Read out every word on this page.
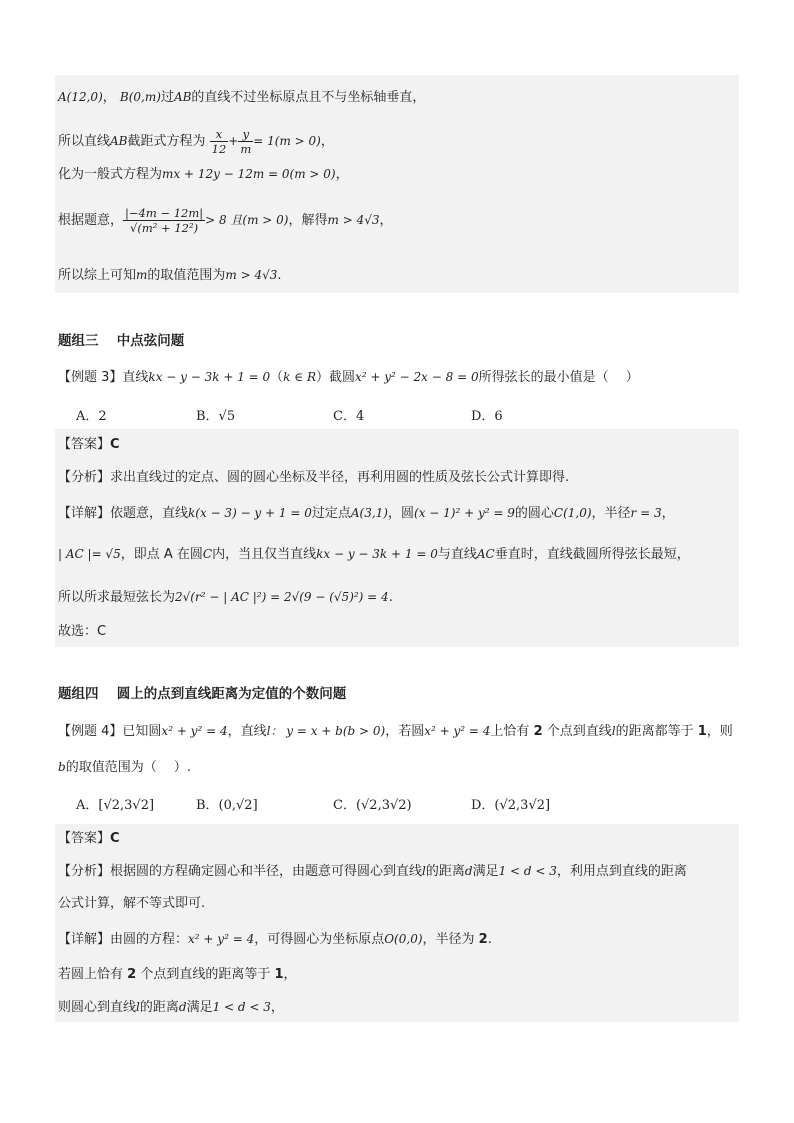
A(12,0)， B(0,m)过AB的直线不过坐标原点且不与坐标轴垂直，
所以直线AB截距式方程为 $\frac{x}{12} + \frac{y}{m} = 1(m > 0)$，
化为一般式方程为mx + 12y − 12m = 0(m > 0)，
根据题意， $\frac{|-4m - 12m|}{\text{√(m² + 12²)}} > 8$ 且(m > 0)，解得m > 4√3，
所以综上可知m的取值范围为m > 4√3.
题组三　 中点弦问题
【例题 3】直线kx − y − 3k + 1 = 0（k ∈ R）截圆x² + y² − 2x − 8 = 0所得弦长的最小值是（　 ）
A．2	B．√5	C．4	D．6
【答案】C
【分析】求出直线过的定点、圆的圆心坐标及半径，再利用圆的性质及弦长公式计算即得.
【详解】依题意，直线k(x − 3) − y + 1 = 0过定点A(3,1)，圆(x − 1)² + y² = 9的圆心C(1,0)，半径r = 3，
| AC |= √5，即点 A 在圆C内，当且仅当直线kx − y − 3k + 1 = 0与直线AC垂直时，直线截圆所得弦长最短，
所以所求最短弦长为2√(r² − | AC |²) = 2√(9 − (√5)²) = 4.
故选：C
题组四　 圆上的点到直线距离为定值的个数问题
【例题 4】已知圆x² + y² = 4，直线l： y = x + b(b > 0)，若圆x² + y² = 4上恰有 2 个点到直线l的距离都等于 1，则
b的取值范围为（　 ）.
A．[√2,3√2]	B．(0,√2]	C．(√2,3√2)	D．(√2,3√2]
【答案】C
【分析】根据圆的方程确定圆心和半径，由题意可得圆心到直线l的距离d满足1 < d < 3，利用点到直线的距离
公式计算，解不等式即可.
【详解】由圆的方程：x² + y² = 4，可得圆心为坐标原点O(0,0)，半径为 2.
若圆上恰有 2 个点到直线的距离等于 1，
则圆心到直线l的距离d满足1 < d < 3，
